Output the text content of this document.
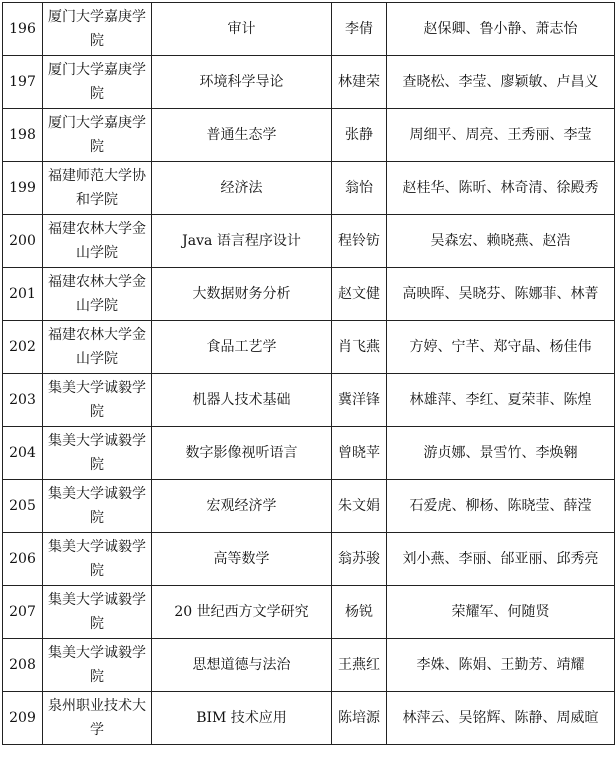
196	厦门大学嘉庚学院	审计	李倩	赵保卿、鲁小静、萧志怡
197	厦门大学嘉庚学院	环境科学导论	林建荣	查晓松、李莹、廖颖敏、卢昌义
198	厦门大学嘉庚学院	普通生态学	张静	周细平、周亮、王秀丽、李莹
199	福建师范大学协和学院	经济法	翁怡	赵桂华、陈昕、林奇清、徐殿秀
200	福建农林大学金山学院	Java 语言程序设计	程铃钫	吴森宏、赖晓燕、赵浩
201	福建农林大学金山学院	大数据财务分析	赵文健	高映晖、吴晓芬、陈娜菲、林菁
202	福建农林大学金山学院	食品工艺学	肖飞燕	方婷、宁芊、郑守晶、杨佳伟
203	集美大学诚毅学院	机器人技术基础	冀洋锋	林雄萍、李红、夏荣菲、陈煌
204	集美大学诚毅学院	数字影像视听语言	曾晓苹	游贞娜、景雪竹、李焕翱
205	集美大学诚毅学院	宏观经济学	朱文娟	石爱虎、柳杨、陈晓莹、薛滢
206	集美大学诚毅学院	高等数学	翁苏骏	刘小燕、李丽、邰亚丽、邱秀亮
207	集美大学诚毅学院	20 世纪西方文学研究	杨锐	荣耀军、何随贤
208	集美大学诚毅学院	思想道德与法治	王燕红	李姝、陈娟、王勤芳、靖耀
209	泉州职业技术大学	BIM 技术应用	陈培源	林萍云、吴铭辉、陈静、周威暄
